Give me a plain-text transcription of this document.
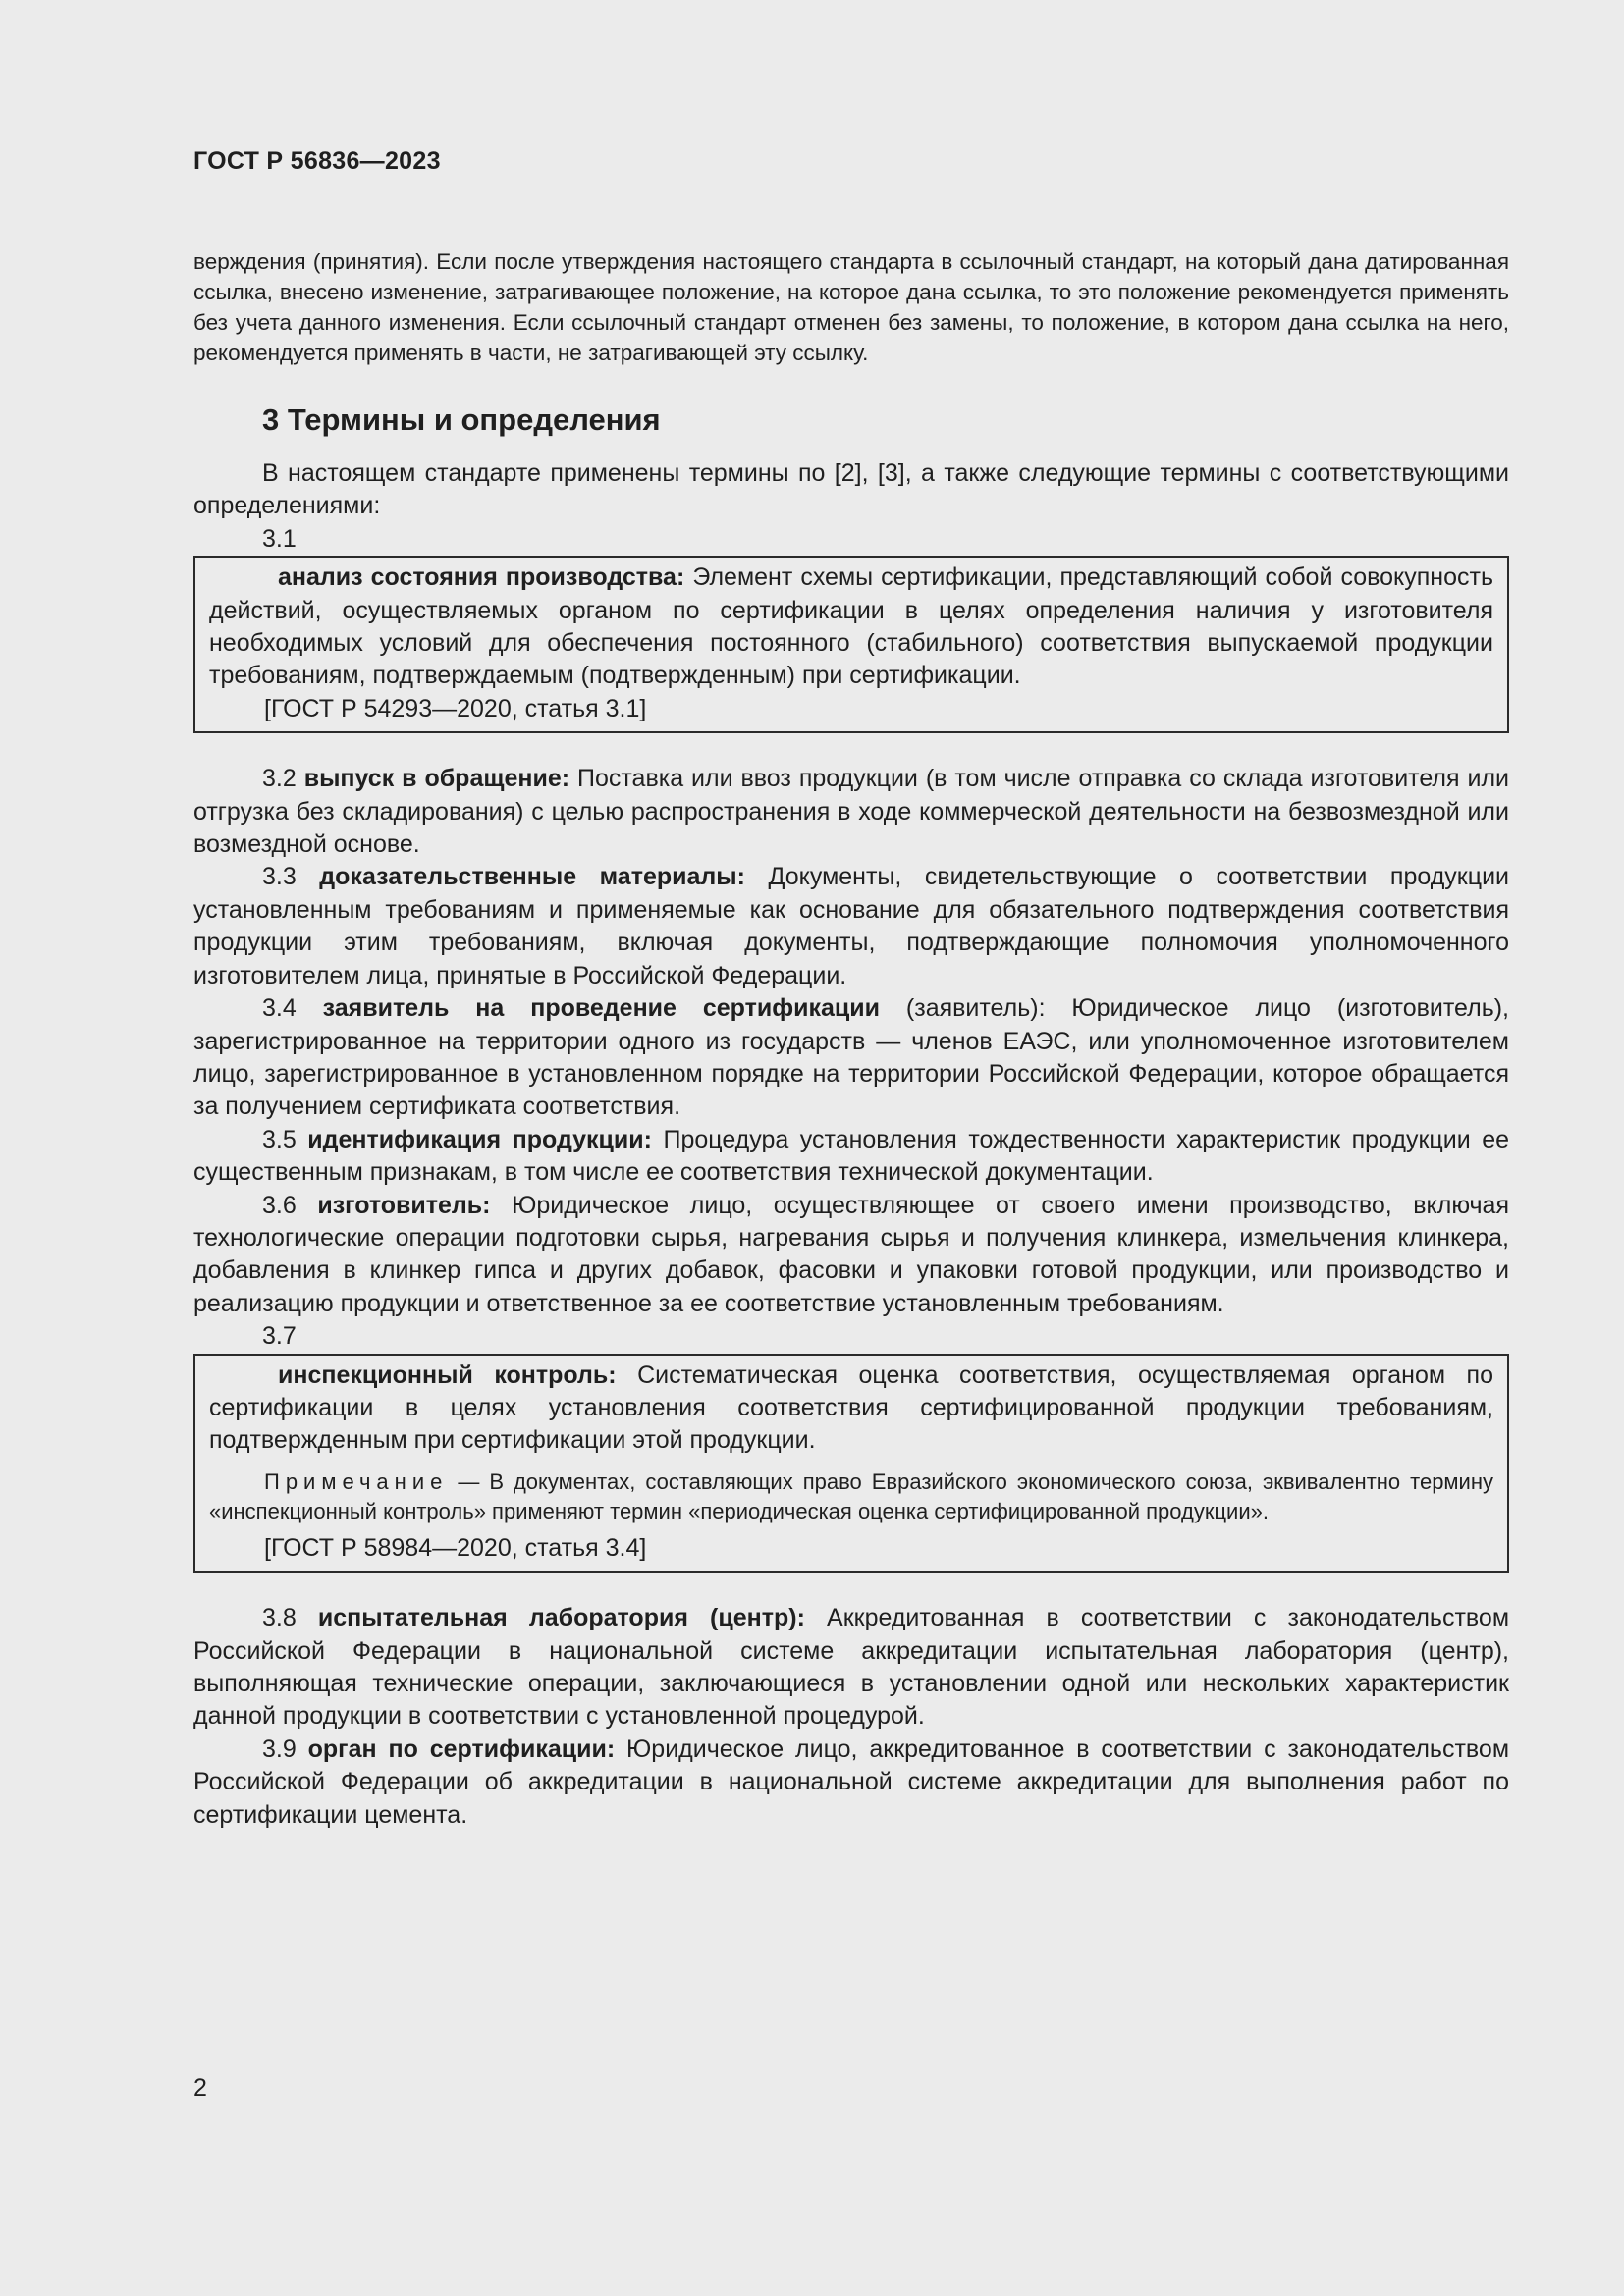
ГОСТ Р 56836—2023

верждения (принятия). Если после утверждения настоящего стандарта в ссылочный стандарт, на который дана датированная ссылка, внесено изменение, затрагивающее положение, на которое дана ссылка, то это положение рекомендуется применять без учета данного изменения. Если ссылочный стандарт отменен без замены, то положение, в котором дана ссылка на него, рекомендуется применять в части, не затрагивающей эту ссылку.

3 Термины и определения

В настоящем стандарте применены термины по [2], [3], а также следующие термины с соответствующими определениями:

3.1

анализ состояния производства: Элемент схемы сертификации, представляющий собой совокупность действий, осуществляемых органом по сертификации в целях определения наличия у изготовителя необходимых условий для обеспечения постоянного (стабильного) соответствия выпускаемой продукции требованиям, подтверждаемым (подтвержденным) при сертификации.

[ГОСТ Р 54293—2020, статья 3.1]

3.2 выпуск в обращение: Поставка или ввоз продукции (в том числе отправка со склада изготовителя или отгрузка без складирования) с целью распространения в ходе коммерческой деятельности на безвозмездной или возмездной основе.

3.3 доказательственные материалы: Документы, свидетельствующие о соответствии продукции установленным требованиям и применяемые как основание для обязательного подтверждения соответствия продукции этим требованиям, включая документы, подтверждающие полномочия уполномоченного изготовителем лица, принятые в Российской Федерации.

3.4 заявитель на проведение сертификации (заявитель): Юридическое лицо (изготовитель), зарегистрированное на территории одного из государств — членов ЕАЭС, или уполномоченное изготовителем лицо, зарегистрированное в установленном порядке на территории Российской Федерации, которое обращается за получением сертификата соответствия.

3.5 идентификация продукции: Процедура установления тождественности характеристик продукции ее существенным признакам, в том числе ее соответствия технической документации.

3.6 изготовитель: Юридическое лицо, осуществляющее от своего имени производство, включая технологические операции подготовки сырья, нагревания сырья и получения клинкера, измельчения клинкера, добавления в клинкер гипса и других добавок, фасовки и упаковки готовой продукции, или производство и реализацию продукции и ответственное за ее соответствие установленным требованиям.

3.7

инспекционный контроль: Систематическая оценка соответствия, осуществляемая органом по сертификации в целях установления соответствия сертифицированной продукции требованиям, подтвержденным при сертификации этой продукции.

Примечание — В документах, составляющих право Евразийского экономического союза, эквивалентно термину «инспекционный контроль» применяют термин «периодическая оценка сертифицированной продукции».

[ГОСТ Р 58984—2020, статья 3.4]

3.8 испытательная лаборатория (центр): Аккредитованная в соответствии с законодательством Российской Федерации в национальной системе аккредитации испытательная лаборатория (центр), выполняющая технические операции, заключающиеся в установлении одной или нескольких характеристик данной продукции в соответствии с установленной процедурой.

3.9 орган по сертификации: Юридическое лицо, аккредитованное в соответствии с законодательством Российской Федерации об аккредитации в национальной системе аккредитации для выполнения работ по сертификации цемента.

2
